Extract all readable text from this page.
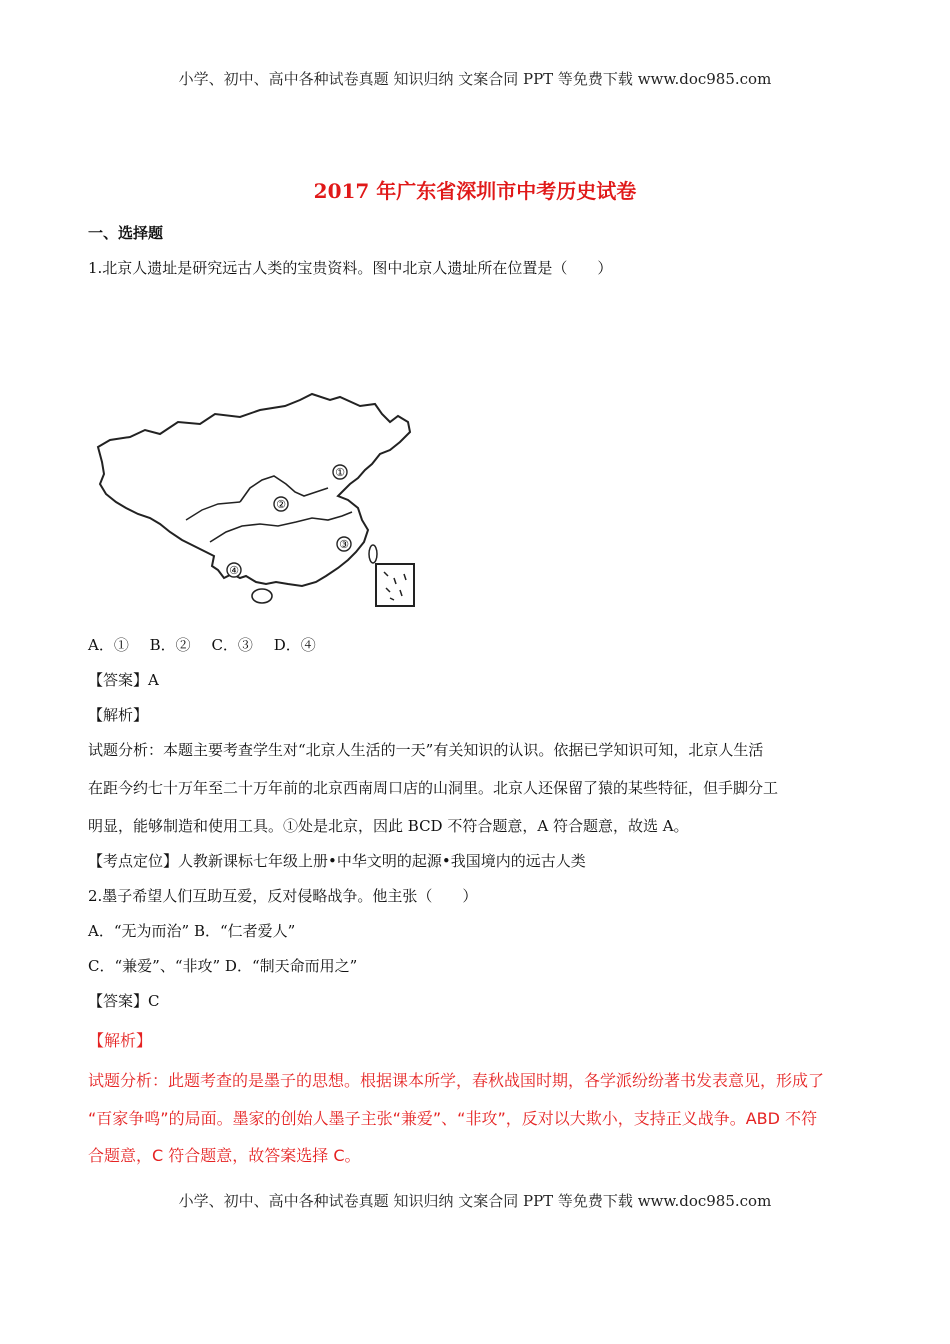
小学、初中、高中各种试卷真题 知识归纳 文案合同 PPT 等免费下载 www.doc985.com
2017 年广东省深圳市中考历史试卷
一、选择题
1.北京人遗址是研究远古人类的宝贵资料。图中北京人遗址所在位置是（　　）
①
②
③
④
A．① B．② C．③ D．④
【答案】A
【解析】
试题分析：本题主要考查学生对“北京人生活的一天”有关知识的认识。依据已学知识可知，北京人生活
在距今约七十万年至二十万年前的北京西南周口店的山洞里。北京人还保留了猿的某些特征，但手脚分工
明显，能够制造和使用工具。①处是北京，因此 BCD 不符合题意，A 符合题意，故选 A。
【考点定位】人教新课标七年级上册•中华文明的起源•我国境内的远古人类
2.墨子希望人们互助互爱，反对侵略战争。他主张（　　）
A．“无为而治” B．“仁者爱人”
C．“兼爱”、“非攻” D．“制天命而用之”
【答案】C
【解析】
试题分析：此题考查的是墨子的思想。根据课本所学，春秋战国时期，各学派纷纷著书发表意见，形成了
“百家争鸣”的局面。墨家的创始人墨子主张“兼爱”、“非攻”，反对以大欺小，支持正义战争。ABD 不符
合题意，C 符合题意，故答案选择 C。
小学、初中、高中各种试卷真题 知识归纳 文案合同 PPT 等免费下载 www.doc985.com
